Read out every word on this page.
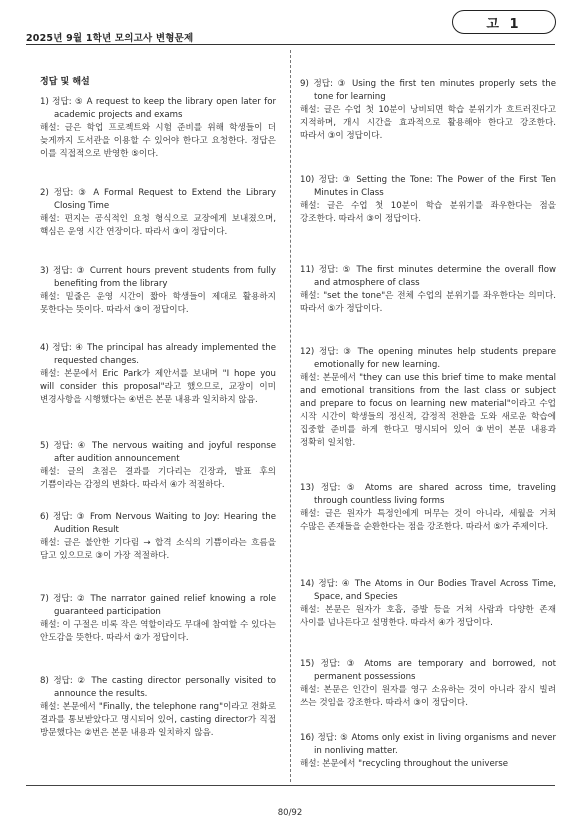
2025년 9월 1학년 모의고사 변형문제
고 1
정답 및 해설
1) 정답: ⑤ A request to keep the library open later for academic projects and exams
해설: 글은 학업 프로젝트와 시험 준비를 위해 학생들이 더 늦게까지 도서관을 이용할 수 있어야 한다고 요청한다. 정답은 이를 직접적으로 반영한 ⑤이다.
2) 정답: ③ A Formal Request to Extend the Library Closing Time
해설: 편지는 공식적인 요청 형식으로 교장에게 보내졌으며, 핵심은 운영 시간 연장이다. 따라서 ③이 정답이다.
3) 정답: ③ Current hours prevent students from fully benefiting from the library
해설: 밑줄은 운영 시간이 짧아 학생들이 제대로 활용하지 못한다는 뜻이다. 따라서 ③이 정답이다.
4) 정답: ④ The principal has already implemented the requested changes.
해설: 본문에서 Eric Park가 제안서를 보내며 "I hope you will consider this proposal"라고 했으므로, 교장이 이미 변경사항을 시행했다는 ④번은 본문 내용과 일치하지 않음.
5) 정답: ④ The nervous waiting and joyful response after audition announcement
해설: 글의 초점은 결과를 기다리는 긴장과, 발표 후의 기쁨이라는 감정의 변화다. 따라서 ④가 적절하다.
6) 정답: ③ From Nervous Waiting to Joy: Hearing the Audition Result
해설: 글은 불안한 기다림 → 합격 소식의 기쁨이라는 흐름을 담고 있으므로 ③이 가장 적절하다.
7) 정답: ② The narrator gained relief knowing a role guaranteed participation
해설: 이 구절은 비록 작은 역할이라도 무대에 참여할 수 있다는 안도감을 뜻한다. 따라서 ②가 정답이다.
8) 정답: ② The casting director personally visited to announce the results.
해설: 본문에서 "Finally, the telephone rang"이라고 전화로 결과를 통보받았다고 명시되어 있어, casting director가 직접 방문했다는 ②번은 본문 내용과 일치하지 않음.
9) 정답: ③ Using the first ten minutes properly sets the tone for learning
해설: 글은 수업 첫 10분이 낭비되면 학습 분위기가 흐트러진다고 지적하며, 개시 시간을 효과적으로 활용해야 한다고 강조한다. 따라서 ③이 정답이다.
10) 정답: ③ Setting the Tone: The Power of the First Ten Minutes in Class
해설: 글은 수업 첫 10분이 학습 분위기를 좌우한다는 점을 강조한다. 따라서 ③이 정답이다.
11) 정답: ⑤ The first minutes determine the overall flow and atmosphere of class
해설: "set the tone"은 전체 수업의 분위기를 좌우한다는 의미다. 따라서 ⑤가 정답이다.
12) 정답: ③ The opening minutes help students prepare emotionally for new learning.
해설: 본문에서 "they can use this brief time to make mental and emotional transitions from the last class or subject and prepare to focus on learning new material"이라고 수업 시작 시간이 학생들의 정신적, 감정적 전환을 도와 새로운 학습에 집중할 준비를 하게 한다고 명시되어 있어 ③번이 본문 내용과 정확히 일치함.
13) 정답: ⑤ Atoms are shared across time, traveling through countless living forms
해설: 글은 원자가 특정인에게 머무는 것이 아니라, 세월을 거쳐 수많은 존재들을 순환한다는 점을 강조한다. 따라서 ⑤가 주제이다.
14) 정답: ④ The Atoms in Our Bodies Travel Across Time, Space, and Species
해설: 본문은 원자가 호흡, 증발 등을 거쳐 사람과 다양한 존재 사이를 넘나든다고 설명한다. 따라서 ④가 정답이다.
15) 정답: ③ Atoms are temporary and borrowed, not permanent possessions
해설: 본문은 인간이 원자를 영구 소유하는 것이 아니라 잠시 빌려 쓰는 것임을 강조한다. 따라서 ③이 정답이다.
16) 정답: ⑤ Atoms only exist in living organisms and never in nonliving matter.
해설: 본문에서 "recycling throughout the universe
80/92
